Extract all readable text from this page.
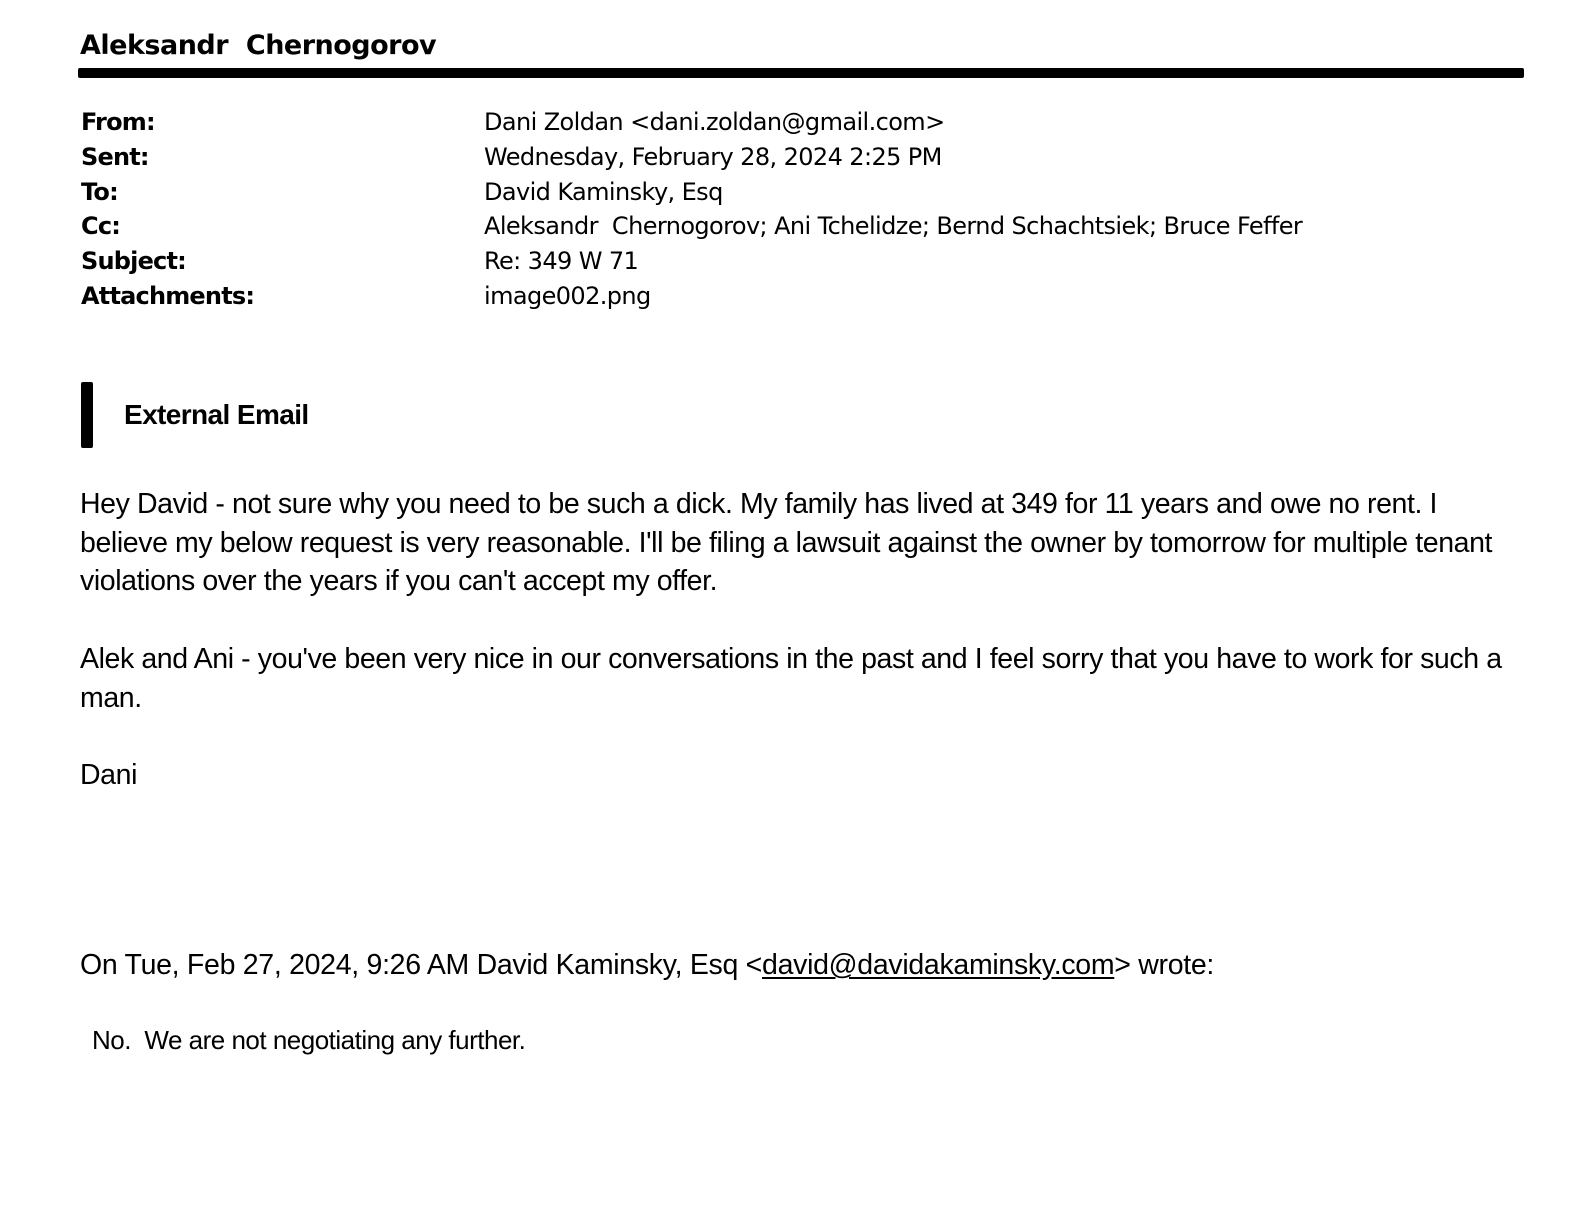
Aleksandr  Chernogorov
From:	Dani Zoldan <dani.zoldan@gmail.com>
Sent:	Wednesday, February 28, 2024 2:25 PM
To:	David Kaminsky, Esq
Cc:	Aleksandr  Chernogorov; Ani Tchelidze; Bernd Schachtsiek; Bruce Feffer
Subject:	Re: 349 W 71
Attachments:	image002.png
External Email

Hey David - not sure why you need to be such a dick. My family has lived at 349 for 11 years and owe no rent. I believe my below request is very reasonable. I'll be filing a lawsuit against the owner by tomorrow for multiple tenant violations over the years if you can't accept my offer.

Alek and Ani - you've been very nice in our conversations in the past and I feel sorry that you have to work for such a man.

Dani

On Tue, Feb 27, 2024, 9:26 AM David Kaminsky, Esq <david@davidakaminsky.com> wrote:
No.  We are not negotiating any further.
